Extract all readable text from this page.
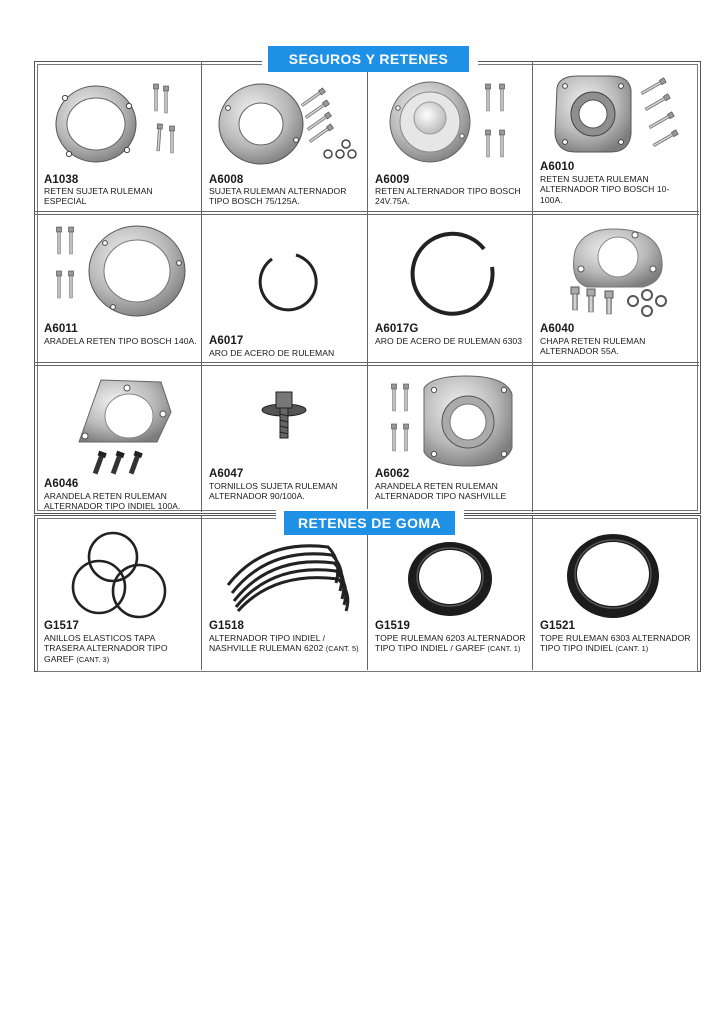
SEGUROS Y RETENES
RETENES DE GOMA
A1038
RETEN SUJETA RULEMAN ESPECIAL
A6008
SUJETA RULEMAN ALTERNADOR TIPO BOSCH 75/125A.
A6009
RETEN ALTERNADOR TIPO BOSCH 24V.75A.
A6010
RETEN SUJETA RULEMAN ALTERNADOR TIPO BOSCH 10-100A.
A6011
ARADELA RETEN TIPO BOSCH 140A. A6017
ARO DE ACERO DE RULEMAN
A6017G
ARO DE ACERO DE RULEMAN 6303
A6040
CHAPA RETEN RULEMAN ALTERNADOR 55A.
A6046
ARANDELA RETEN RULEMAN ALTERNADOR TIPO INDIEL 100A.
A6047
TORNILLOS SUJETA RULEMAN ALTERNADOR 90/100A.
A6062
ARANDELA RETEN RULEMAN ALTERNADOR TIPO NASHVILLE
G1517
ANILLOS ELASTICOS TAPA TRASERA ALTERNADOR TIPO GAREF (CANT. 3)
G1518
ALTERNADOR TIPO INDIEL / NASHVILLE RULEMAN 6202 (CANT. 5)
G1519
TOPE RULEMAN 6203 ALTERNADOR TIPO TIPO INDIEL / GAREF (CANT. 1)
G1521
TOPE RULEMAN 6303 ALTERNADOR TIPO TIPO INDIEL (CANT. 1)
